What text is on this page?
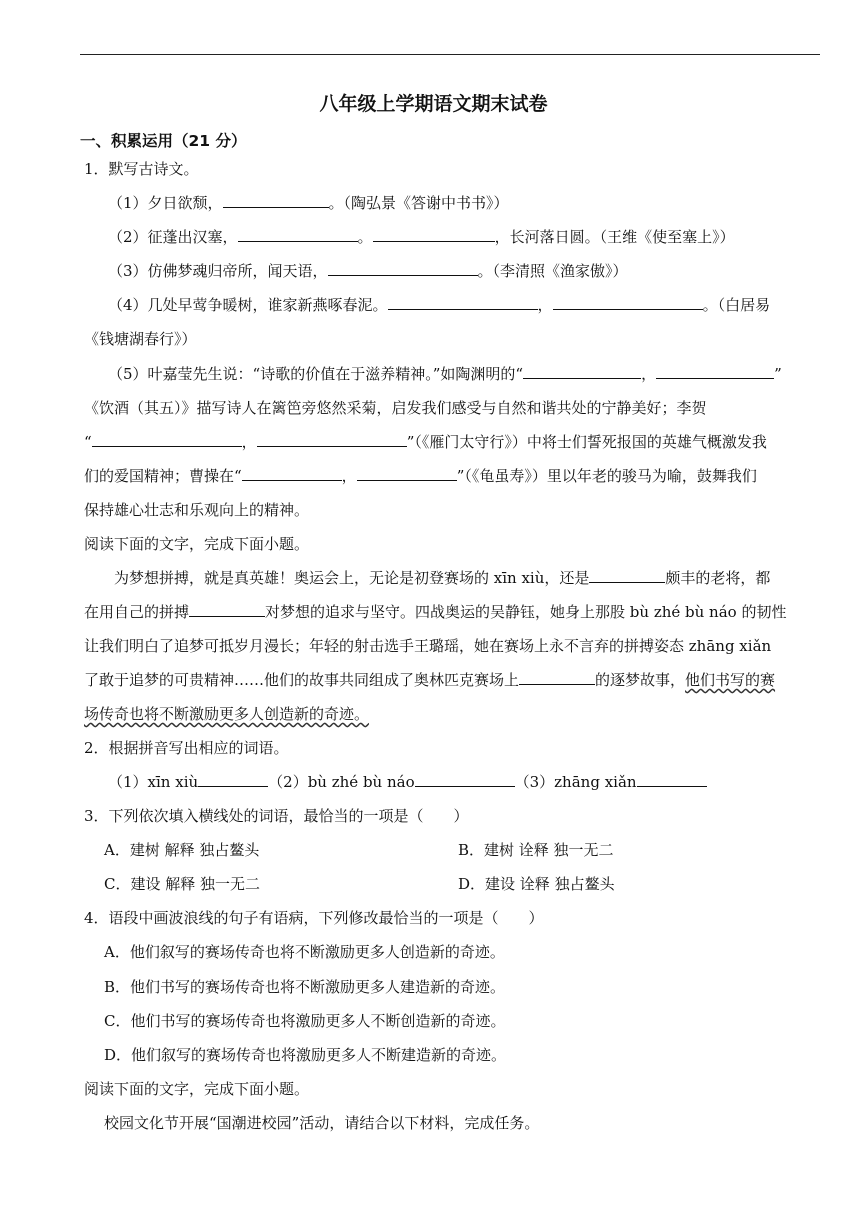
八年级上学期语文期末试卷
一、积累运用（21 分）
1．默写古诗文。
（1）夕日欲颓，	。（陶弘景《答谢中书书》）
（2）征蓬出汉塞，	。	，长河落日圆。（王维《使至塞上》）
（3）仿佛梦魂归帝所，闻天语，	。（李清照《渔家傲》）
（4）几处早莺争暖树，谁家新燕啄春泥。	，	。（白居易
《钱塘湖春行》）
（5）叶嘉莹先生说：“诗歌的价值在于滋养精神。”如陶渊明的“	，	”
《饮酒（其五）》描写诗人在篱笆旁悠然采菊，启发我们感受与自然和谐共处的宁静美好；李贺
“	，	”（《雁门太守行》）中将士们誓死报国的英雄气概激发我
们的爱国精神；曹操在“	，	”（《龟虽寿》）里以年老的骏马为喻，鼓舞我们
保持雄心壮志和乐观向上的精神。
阅读下面的文字，完成下面小题。
为梦想拼搏，就是真英雄！奥运会上，无论是初登赛场的 xīn xiù，还是	颇丰的老将，都
在用自己的拼搏	对梦想的追求与坚守。四战奥运的吴静钰，她身上那股 bù zhé bù náo 的韧性
让我们明白了追梦可抵岁月漫长；年轻的射击选手王璐瑶，她在赛场上永不言弃的拼搏姿态 zhāng xiǎn
了敢于追梦的可贵精神……他们的故事共同组成了奥林匹克赛场上	的逐梦故事，他们书写的赛
场传奇也将不断激励更多人创造新的奇迹。
2．根据拼音写出相应的词语。
（1）xīn xiù	（2）bù zhé bù náo	（3）zhāng xiǎn
3．下列依次填入横线处的词语，最恰当的一项是（　　）
A．建树 解释 独占鳌头	B．建树 诠释 独一无二
C．建设 解释 独一无二	D．建设 诠释 独占鳌头
4．语段中画波浪线的句子有语病，下列修改最恰当的一项是（　　）
A．他们叙写的赛场传奇也将不断激励更多人创造新的奇迹。
B．他们书写的赛场传奇也将不断激励更多人建造新的奇迹。
C．他们书写的赛场传奇也将激励更多人不断创造新的奇迹。
D．他们叙写的赛场传奇也将激励更多人不断建造新的奇迹。
阅读下面的文字，完成下面小题。
校园文化节开展“国潮进校园”活动，请结合以下材料，完成任务。
